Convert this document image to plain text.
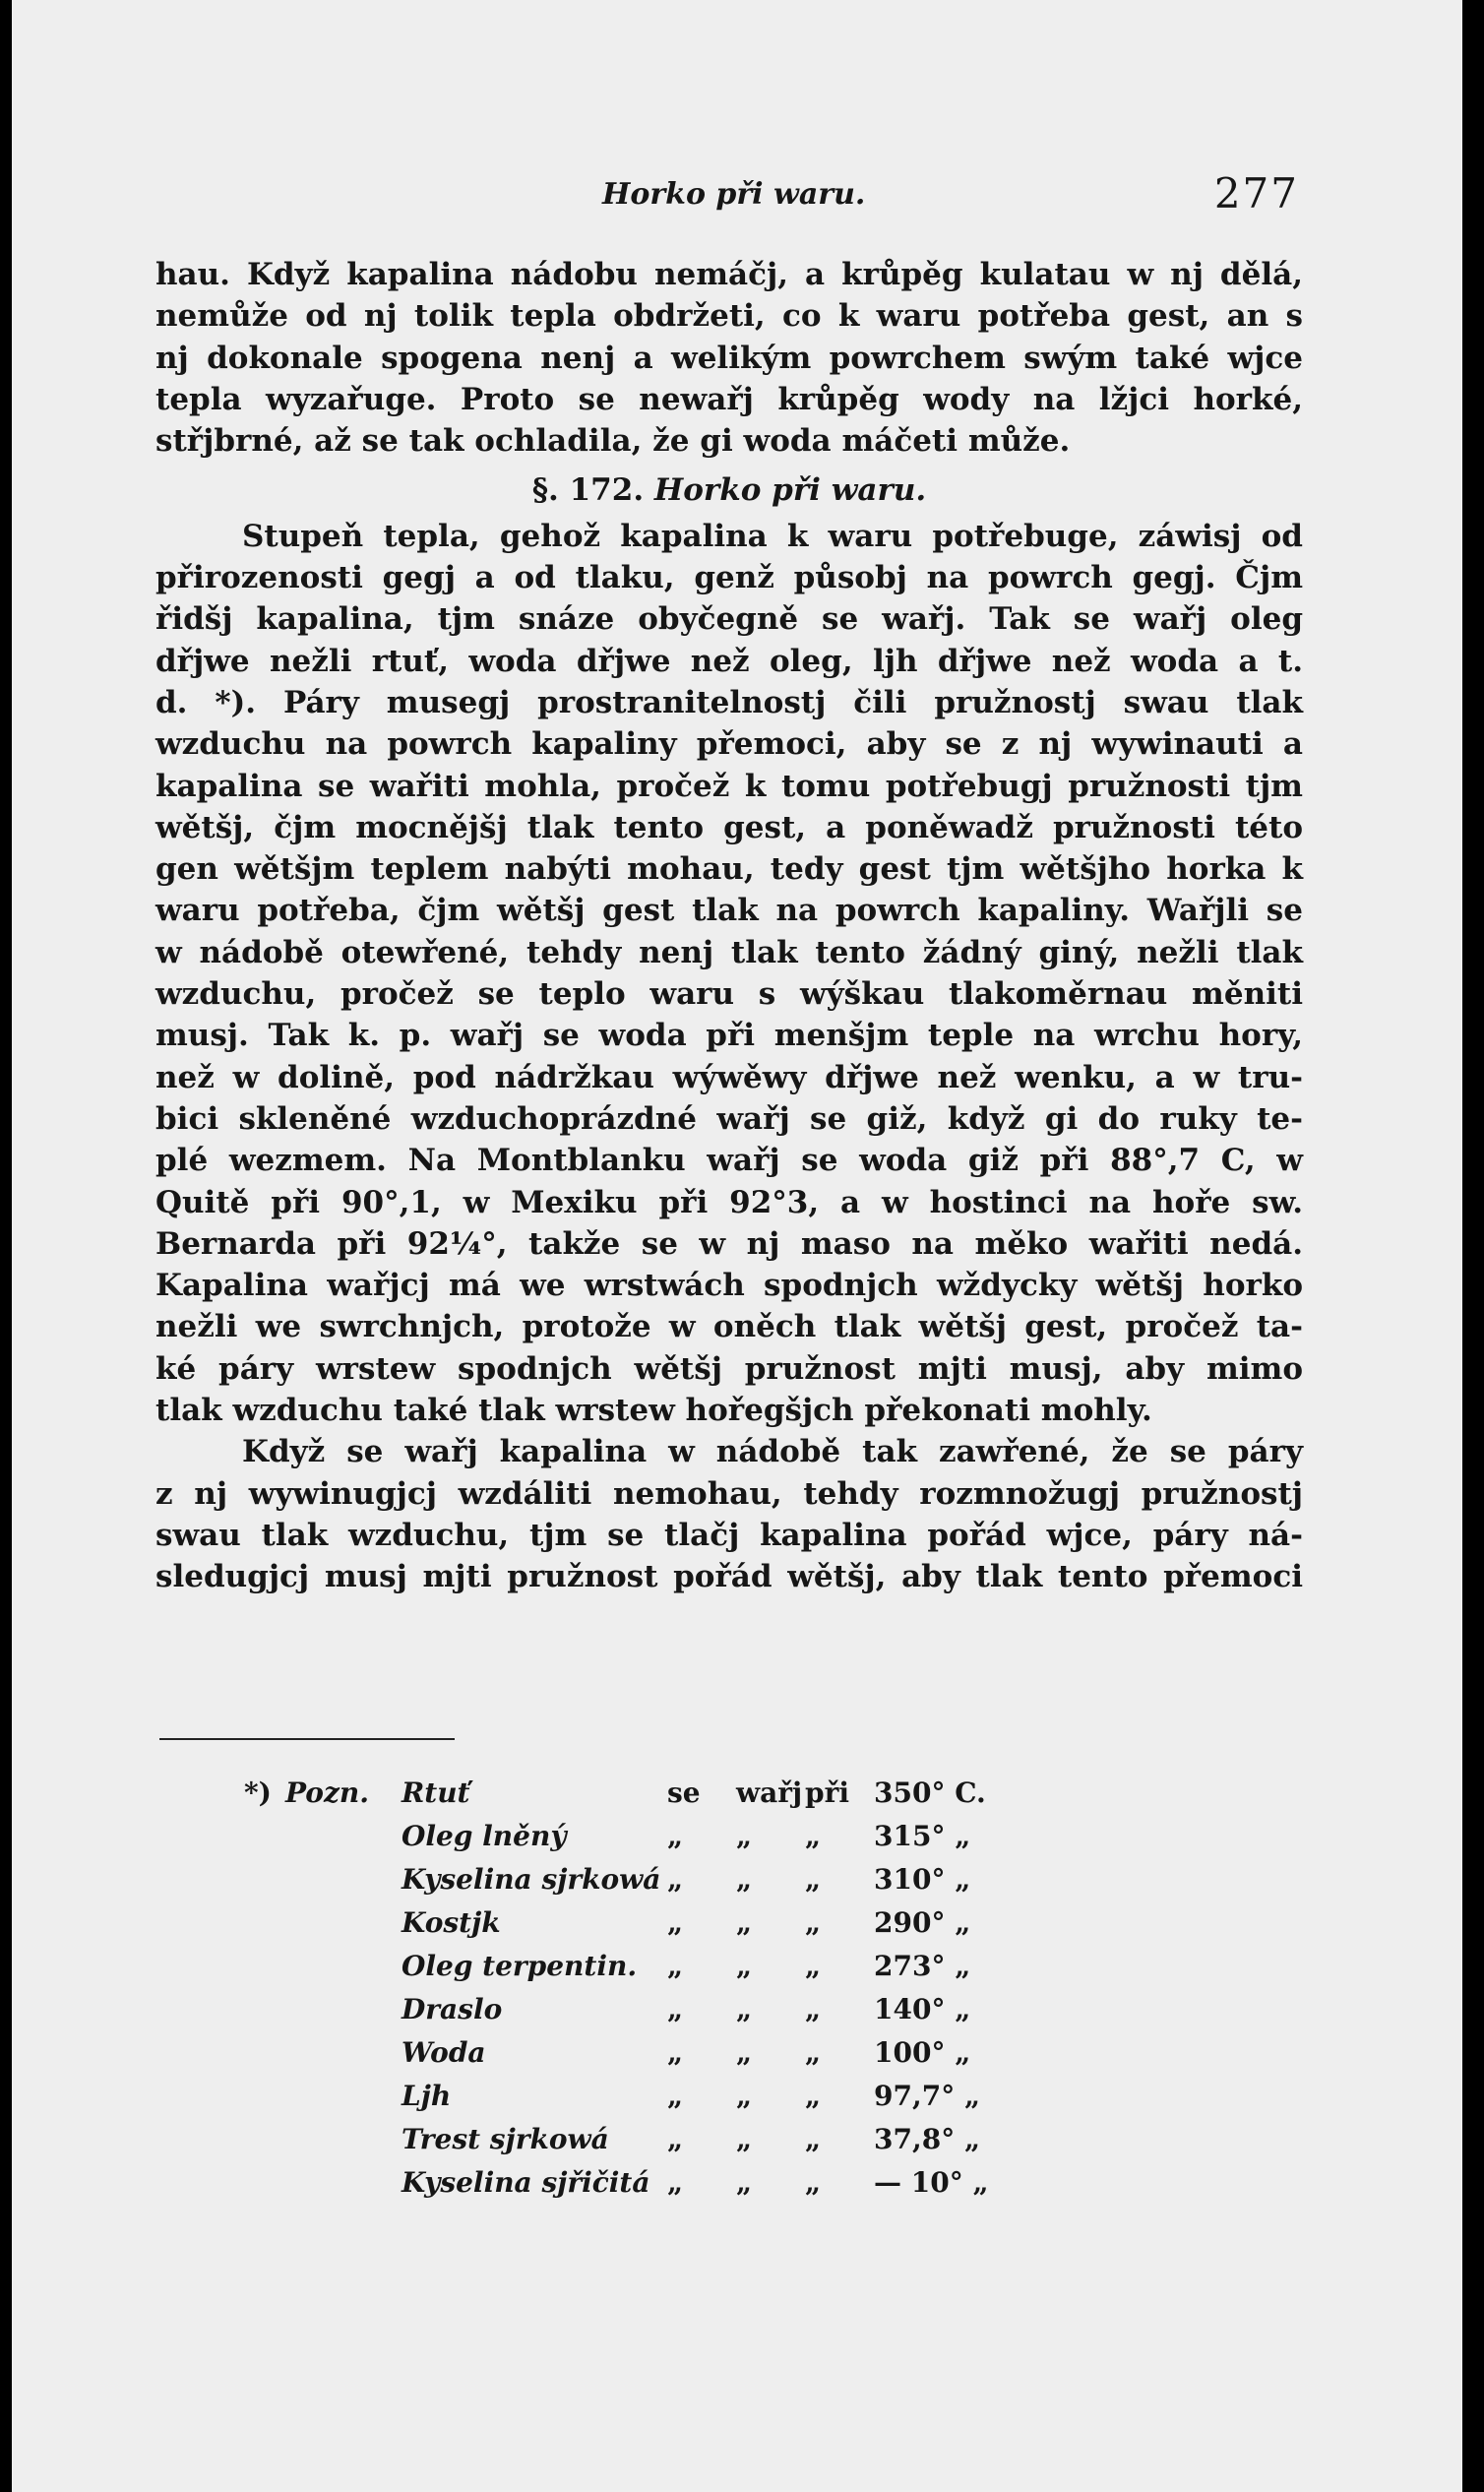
Horko při waru.	277
hau. Když kapalina nádobu nemáčj, a krůpěg kulatau w nj dělá,
nemůže od nj tolik tepla obdržeti, co k waru potřeba gest, an s
nj dokonale spogena nenj a welikým powrchem swým také wjce
tepla wyzařuge. Proto se newařj krůpěg wody na lžjci horké,
střjbrné, až se tak ochladila, že gi woda máčeti může.
§. 172. Horko při waru.
Stupeň tepla, gehož kapalina k waru potřebuge, záwisj od
přirozenosti gegj a od tlaku, genž působj na powrch gegj. Čjm
řidšj kapalina, tjm snáze obyčegně se wařj. Tak se wařj oleg
dřjwe nežli rtuť, woda dřjwe než oleg, ljh dřjwe než woda a t.
d. *). Páry musegj prostranitelnostj čili pružnostj swau tlak
wzduchu na powrch kapaliny přemoci, aby se z nj wywinauti a
kapalina se wařiti mohla, pročež k tomu potřebugj pružnosti tjm
wětšj, čjm mocnějšj tlak tento gest, a poněwadž pružnosti této
gen wětšjm teplem nabýti mohau, tedy gest tjm wětšjho horka k
waru potřeba, čjm wětšj gest tlak na powrch kapaliny. Wařjli se
w nádobě otewřené, tehdy nenj tlak tento žádný giný, nežli tlak
wzduchu, pročež se teplo waru s wýškau tlakoměrnau měniti
musj. Tak k. p. wařj se woda při menšjm teple na wrchu hory,
než w dolině, pod nádržkau wýwěwy dřjwe než wenku, a w tru-
bici skleněné wzduchoprázdné wařj se giž, když gi do ruky te-
plé wezmem. Na Montblanku wařj se woda giž při 88°,7 C, w
Quitě při 90°,1, w Mexiku při 92°3, a w hostinci na hoře sw.
Bernarda při 92¼°, takže se w nj maso na měko wařiti nedá.
Kapalina wařjcj má we wrstwách spodnjch wždycky wětšj horko
nežli we swrchnjch, protože w oněch tlak wětšj gest, pročež ta-
ké páry wrstew spodnjch wětšj pružnost mjti musj, aby mimo
tlak wzduchu také tlak wrstew hořegšjch překonati mohly.
Když se wařj kapalina w nádobě tak zawřené, že se páry
z nj wywinugjcj wzdáliti nemohau, tehdy rozmnožugj pružnostj
swau tlak wzduchu, tjm se tlačj kapalina pořád wjce, páry ná-
sledugjcj musj mjti pružnost pořád wětšj, aby tlak tento přemoci
*) Pozn. Rtuť	se wařj při 350° C.
Oleg lněný	„ „ „ 315° „
Kyselina sjrkowá „ „ „ 310° „
Kostjk	„ „ „ 290° „
Oleg terpentin. „ „ „ 273° „
Draslo	„ „ „ 140° „
Woda	„ „ „ 100° „
Ljh	„ „ „ 97,7° „
Trest sjrkowá „ „ „ 37,8° „
Kyselina sjřičitá „ „ „ — 10° „
